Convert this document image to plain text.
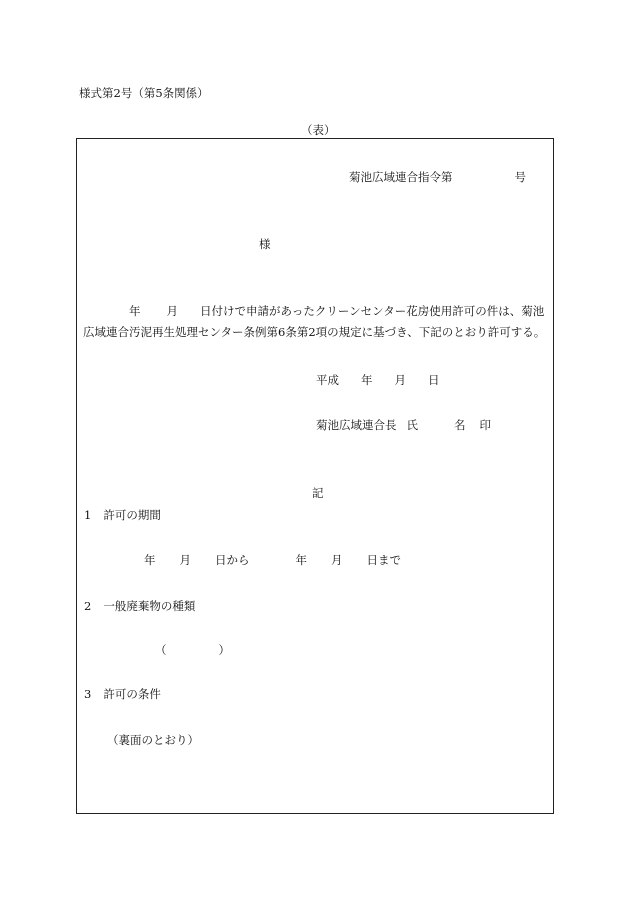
様式第2号（第5条関係）
（表）
菊池広域連合指令第	号
様
年 月 日付けで申請があったクリーンセンター花房使用許可の件は、菊池
広域連合汚泥再生処理センター条例第6条第2項の規定に基づき、下記のとおり許可する。
平成 年 月 日
菊池広域連合長 氏	名 印
記
1 許可の期間
年 月 日から	年 月 日まで
2 一般廃棄物の種類
（	）
3 許可の条件
（裏面のとおり）
